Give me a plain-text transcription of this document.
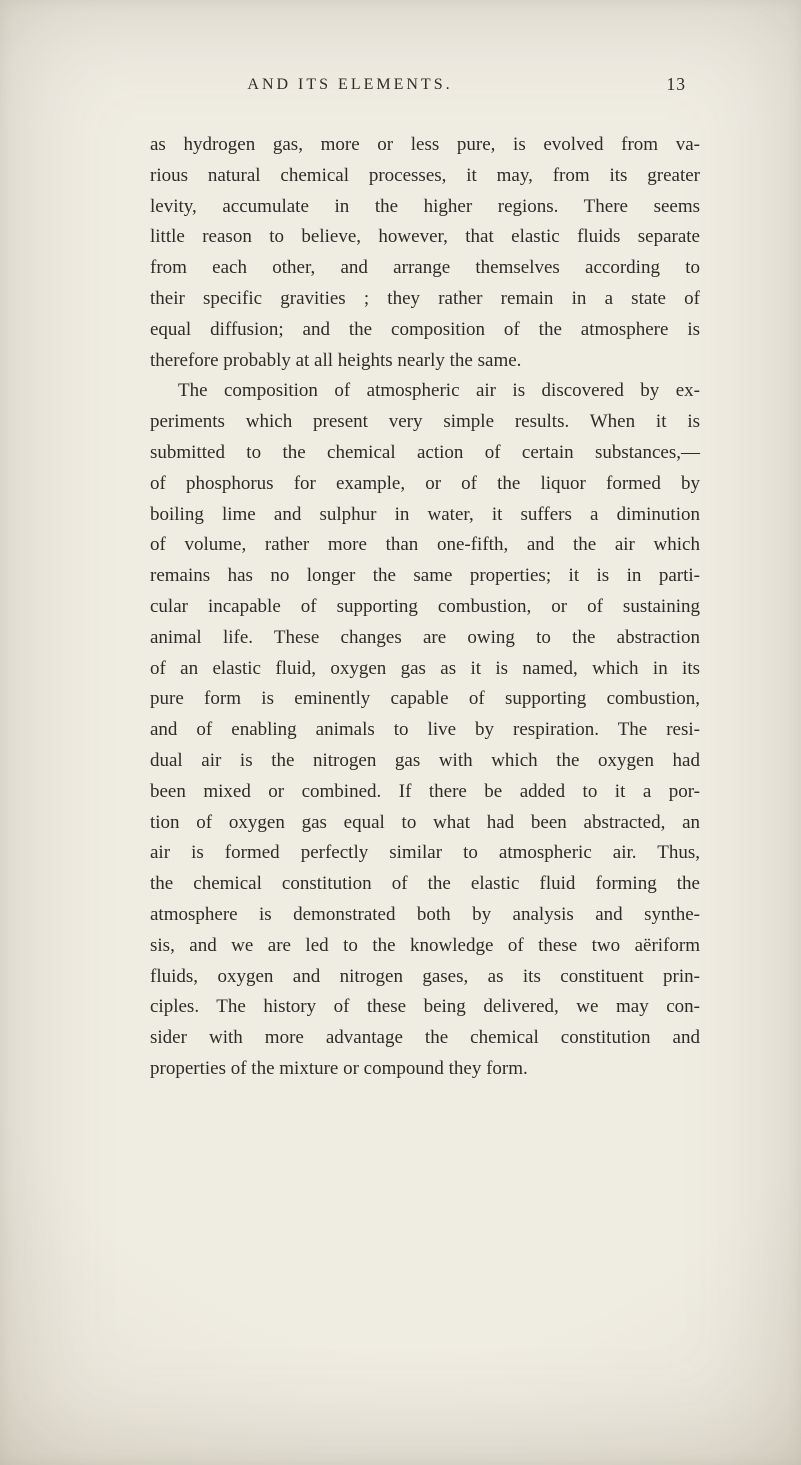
AND ITS ELEMENTS.	13
as hydrogen gas, more or less pure, is evolved from va-
rious natural chemical processes, it may, from its greater
levity, accumulate in the higher regions. There seems
little reason to believe, however, that elastic fluids separate
from each other, and arrange themselves according to
their specific gravities ; they rather remain in a state of
equal diffusion; and the composition of the atmosphere is
therefore probably at all heights nearly the same.
The composition of atmospheric air is discovered by ex-
periments which present very simple results. When it is
submitted to the chemical action of certain substances,—
of phosphorus for example, or of the liquor formed by
boiling lime and sulphur in water, it suffers a diminution
of volume, rather more than one-fifth, and the air which
remains has no longer the same properties; it is in parti-
cular incapable of supporting combustion, or of sustaining
animal life. These changes are owing to the abstraction
of an elastic fluid, oxygen gas as it is named, which in its
pure form is eminently capable of supporting combustion,
and of enabling animals to live by respiration. The resi-
dual air is the nitrogen gas with which the oxygen had
been mixed or combined. If there be added to it a por-
tion of oxygen gas equal to what had been abstracted, an
air is formed perfectly similar to atmospheric air. Thus,
the chemical constitution of the elastic fluid forming the
atmosphere is demonstrated both by analysis and synthe-
sis, and we are led to the knowledge of these two aëriform
fluids, oxygen and nitrogen gases, as its constituent prin-
ciples. The history of these being delivered, we may con-
sider with more advantage the chemical constitution and
properties of the mixture or compound they form.
